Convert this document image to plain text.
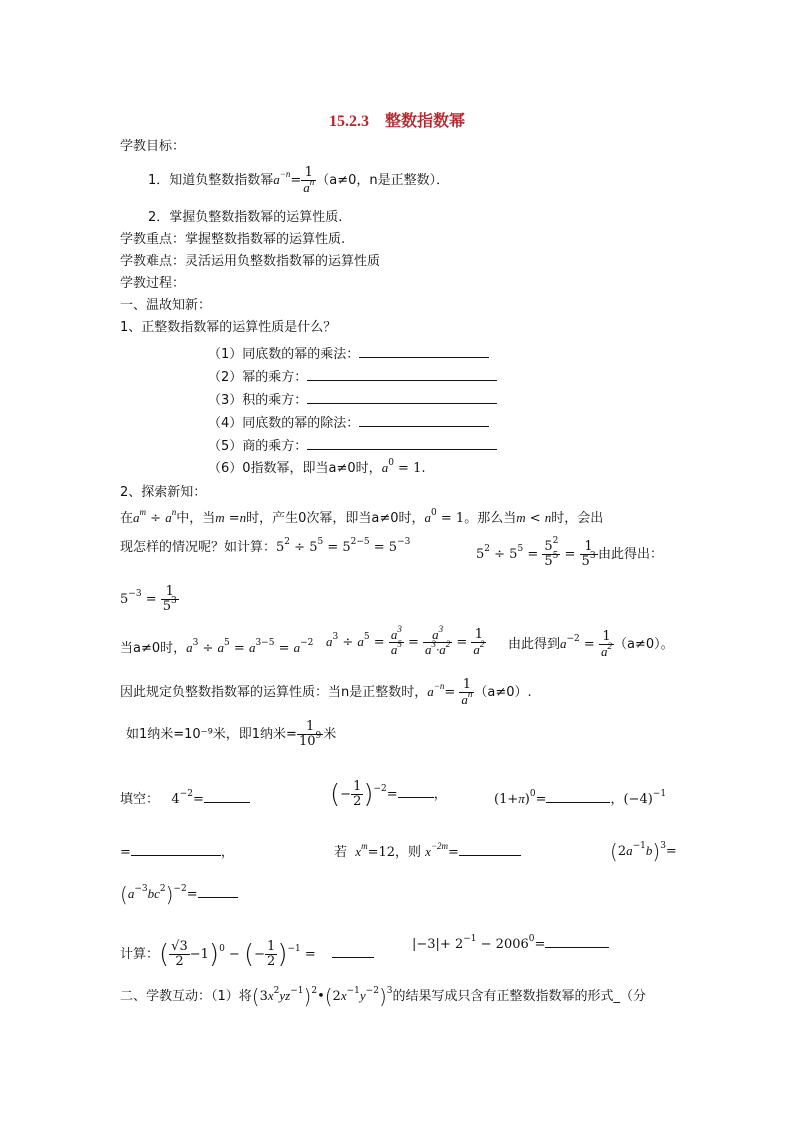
15.2.3　整数指数幂
学教目标：
1．知道负整数指数幂$a^{-n}= \frac{1}{a^n} (a\ne 0$，n是正整数）．
2．掌握负整数指数幂的运算性质.
学教重点：掌握整数指数幂的运算性质.
学教难点：灵活运用负整数指数幂的运算性质
学教过程：
一、温故知新：
1、正整数指数幂的运算性质是什么？
（1）同底数的幂的乘法：
（2）幂的乘方：
（3）积的乘方：
（4）同底数的幂的除法：
（5）商的乘方：
（6）0指数幂，即当a≠0时，$a^0 = 1$.
2、探索新知：
在$a^m \div a^n$中，当m =n时，产生0次幂，即当a≠0时，$a^0 = 1$。那么当m < n时，会出
现怎样的情况呢？如计算：$5^2 \div 5^5 = 5^{2-5} = 5^{-3}$
$5^2 \div 5^5 = \frac{5^2}{5^5} = \frac{1}{5^3}$ 由此得出：
$5^{-3} = \frac{1}{5^3}$
当a≠0时，$a^3 \div a^5 = a^{3-5} = a^{-2}$ $a^3 \div a^5 = \frac{a^3}{a^5} = \frac{a^3}{a^3\cdot a^2} = \frac{1}{a^2}$ 由此得到$a^{-2} = \frac{1}{a^2} (a\ne 0)$。
因此规定负整数指数幂的运算性质：当n是正整数时，$a^{-n}= \frac{1}{a^n} (a\ne 0)$.
如1纳米=10⁻⁹米，即1纳米= $\frac{1}{10^9}$ 米
填空：   $4^{-2}=$	(− $\frac{1}{2} )^{-2}=$	，	$(1+\pi)^0=$	，$(-4)^{-1}$
=	，	若 $x^m=12$，则 $x^{-2m}=$	$(2a^{-1}b)^3=$
$(a^{-3}bc^2)^{-2}=$
计算：( $\frac{√3}{2} -1)^0$ − (− $\frac{1}{2} )^{-1}$ =
$|-3|+ 2^{-1} - 2006^0=$
二、学教互动：（1）将$(3x^2yz^{-1})^2•(2x^{-1}y^{-2})^3$的结果写成只含有正整数指数幂的形式_（分
